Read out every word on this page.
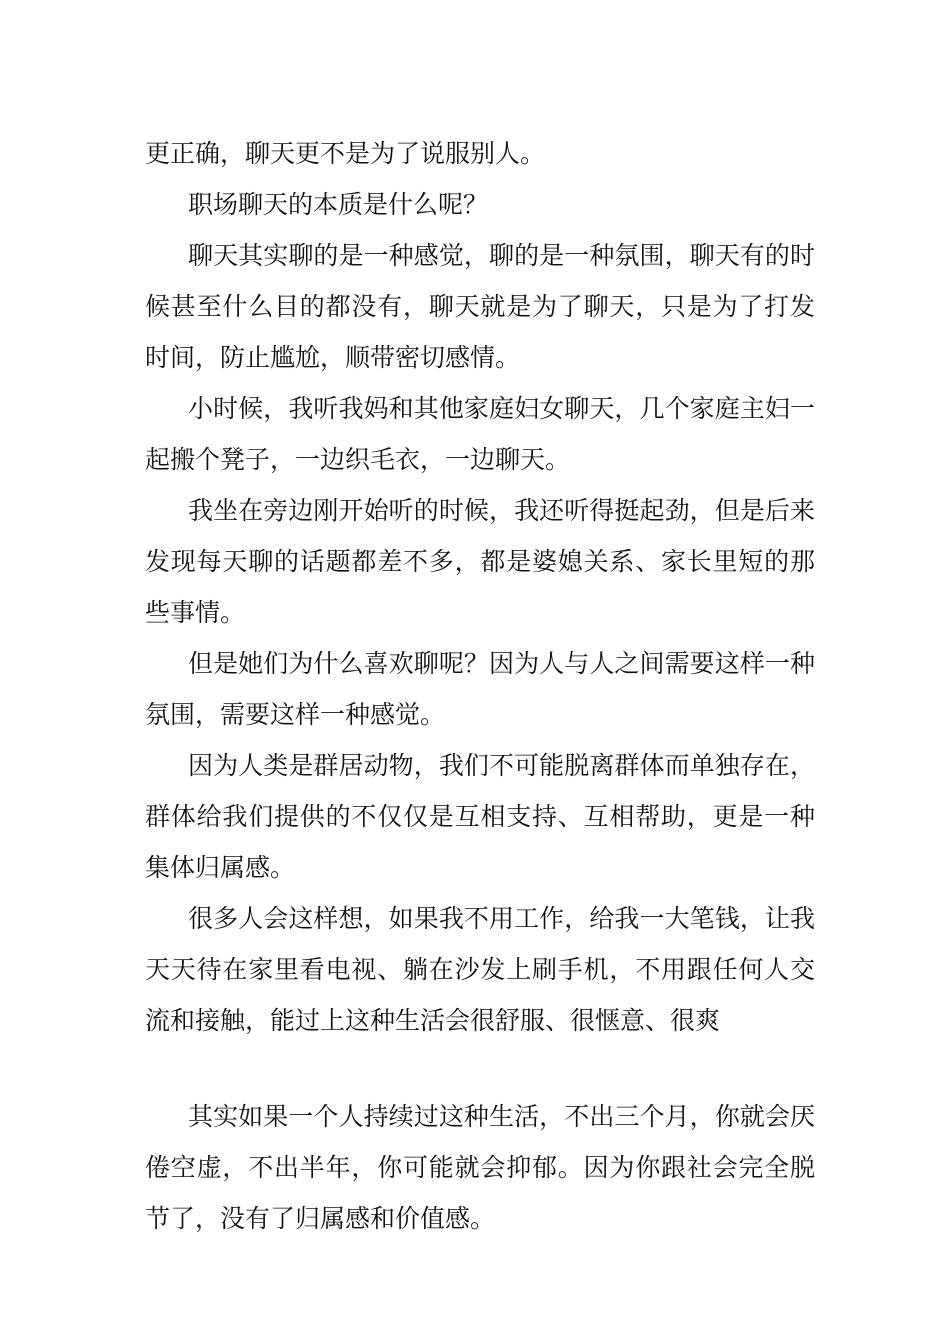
更正确，聊天更不是为了说服别人。

职场聊天的本质是什么呢？

聊天其实聊的是一种感觉，聊的是一种氛围，聊天有的时候甚至什么目的都没有，聊天就是为了聊天，只是为了打发时间，防止尴尬，顺带密切感情。

小时候，我听我妈和其他家庭妇女聊天，几个家庭主妇一起搬个凳子，一边织毛衣，一边聊天。

我坐在旁边刚开始听的时候，我还听得挺起劲，但是后来发现每天聊的话题都差不多，都是婆媳关系、家长里短的那些事情。

但是她们为什么喜欢聊呢？因为人与人之间需要这样一种氛围，需要这样一种感觉。

因为人类是群居动物，我们不可能脱离群体而单独存在，群体给我们提供的不仅仅是互相支持、互相帮助，更是一种集体归属感。

很多人会这样想，如果我不用工作，给我一大笔钱，让我天天待在家里看电视、躺在沙发上刷手机，不用跟任何人交流和接触，能过上这种生活会很舒服、很惬意、很爽

其实如果一个人持续过这种生活，不出三个月，你就会厌倦空虚，不出半年，你可能就会抑郁。因为你跟社会完全脱节了，没有了归属感和价值感。
